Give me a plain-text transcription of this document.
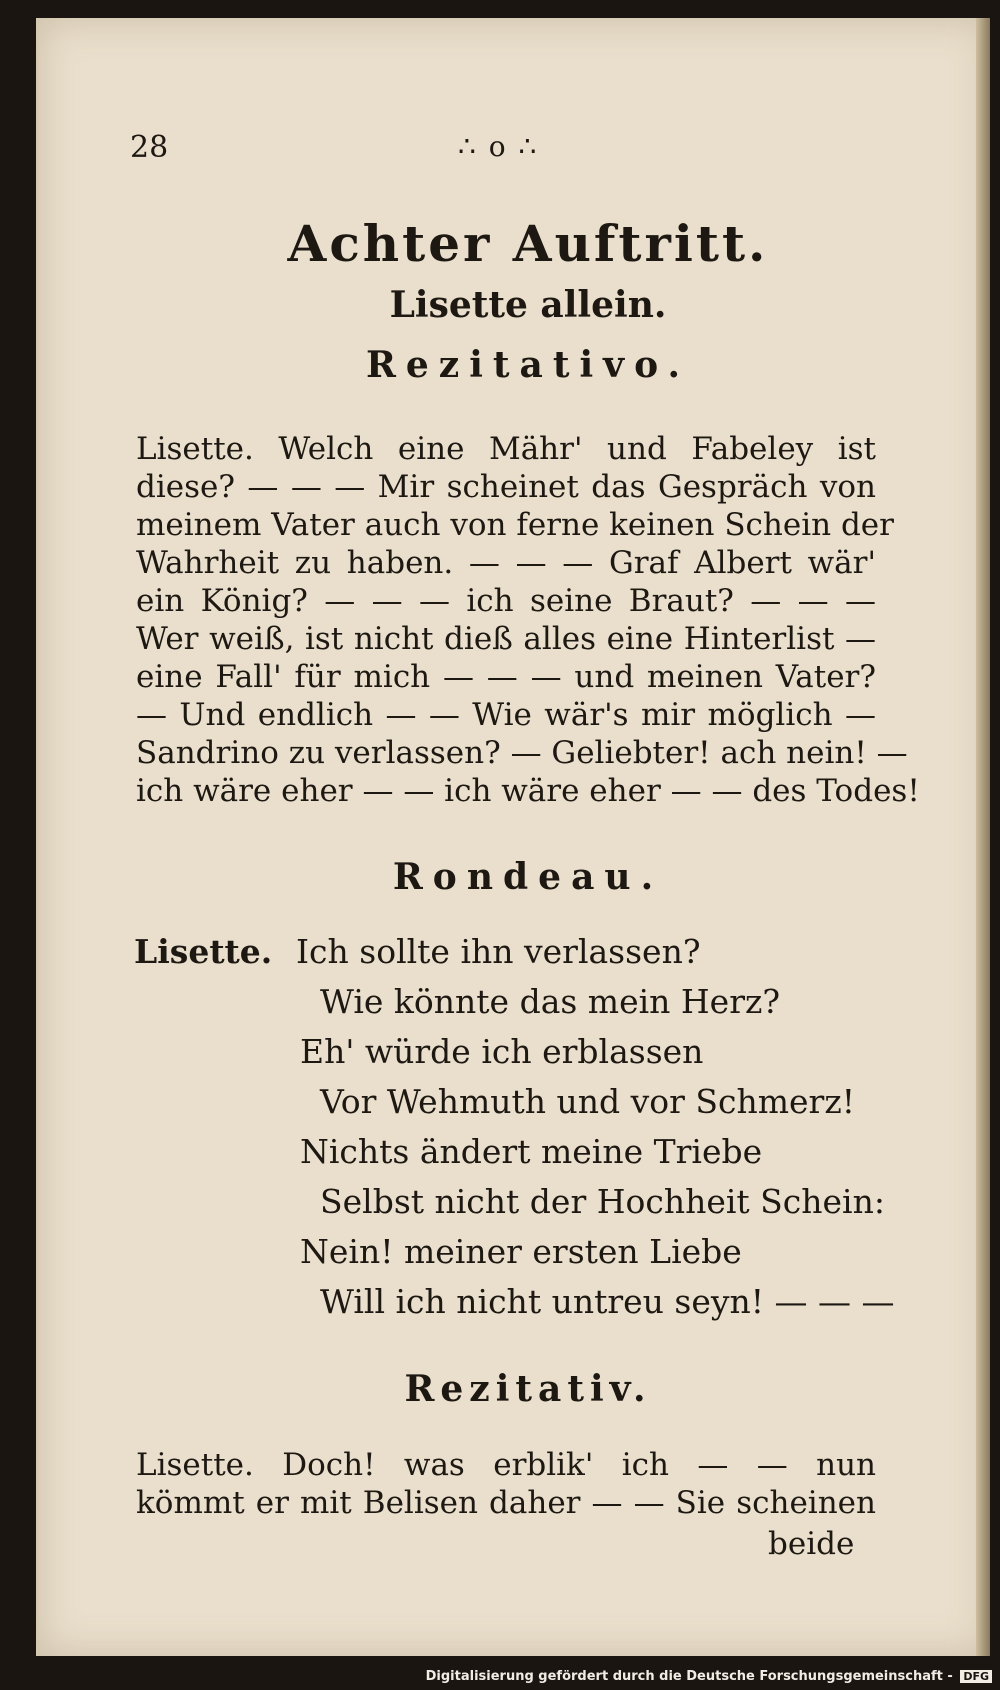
28	∴ o ∴
Achter Auftritt.
Lisette allein.
Rezitativo.
Lisette. Welch eine Mähr' und Fabeley ist
diese? — — — Mir scheinet das Gespräch von
meinem Vater auch von ferne keinen Schein der
Wahrheit zu haben. — — — Graf Albert wär'
ein König? — — — ich seine Braut? — — —
Wer weiß, ist nicht dieß alles eine Hinterlist —
eine Fall' für mich — — — und meinen Vater?
— Und endlich — — Wie wär's mir möglich —
Sandrino zu verlassen? — Geliebter! ach nein! —
ich wäre eher — — ich wäre eher — — des Todes!
Rondeau.
Lisette. Ich sollte ihn verlassen?
Wie könnte das mein Herz?
Eh' würde ich erblassen
Vor Wehmuth und vor Schmerz!
Nichts ändert meine Triebe
Selbst nicht der Hochheit Schein:
Nein! meiner ersten Liebe
Will ich nicht untreu seyn! — — —
Rezitativ.
Lisette. Doch! was erblik' ich — — nun
kömmt er mit Belisen daher — — Sie scheinen
beide
Digitalisierung gefördert durch die Deutsche Forschungsgemeinschaft - DFG
